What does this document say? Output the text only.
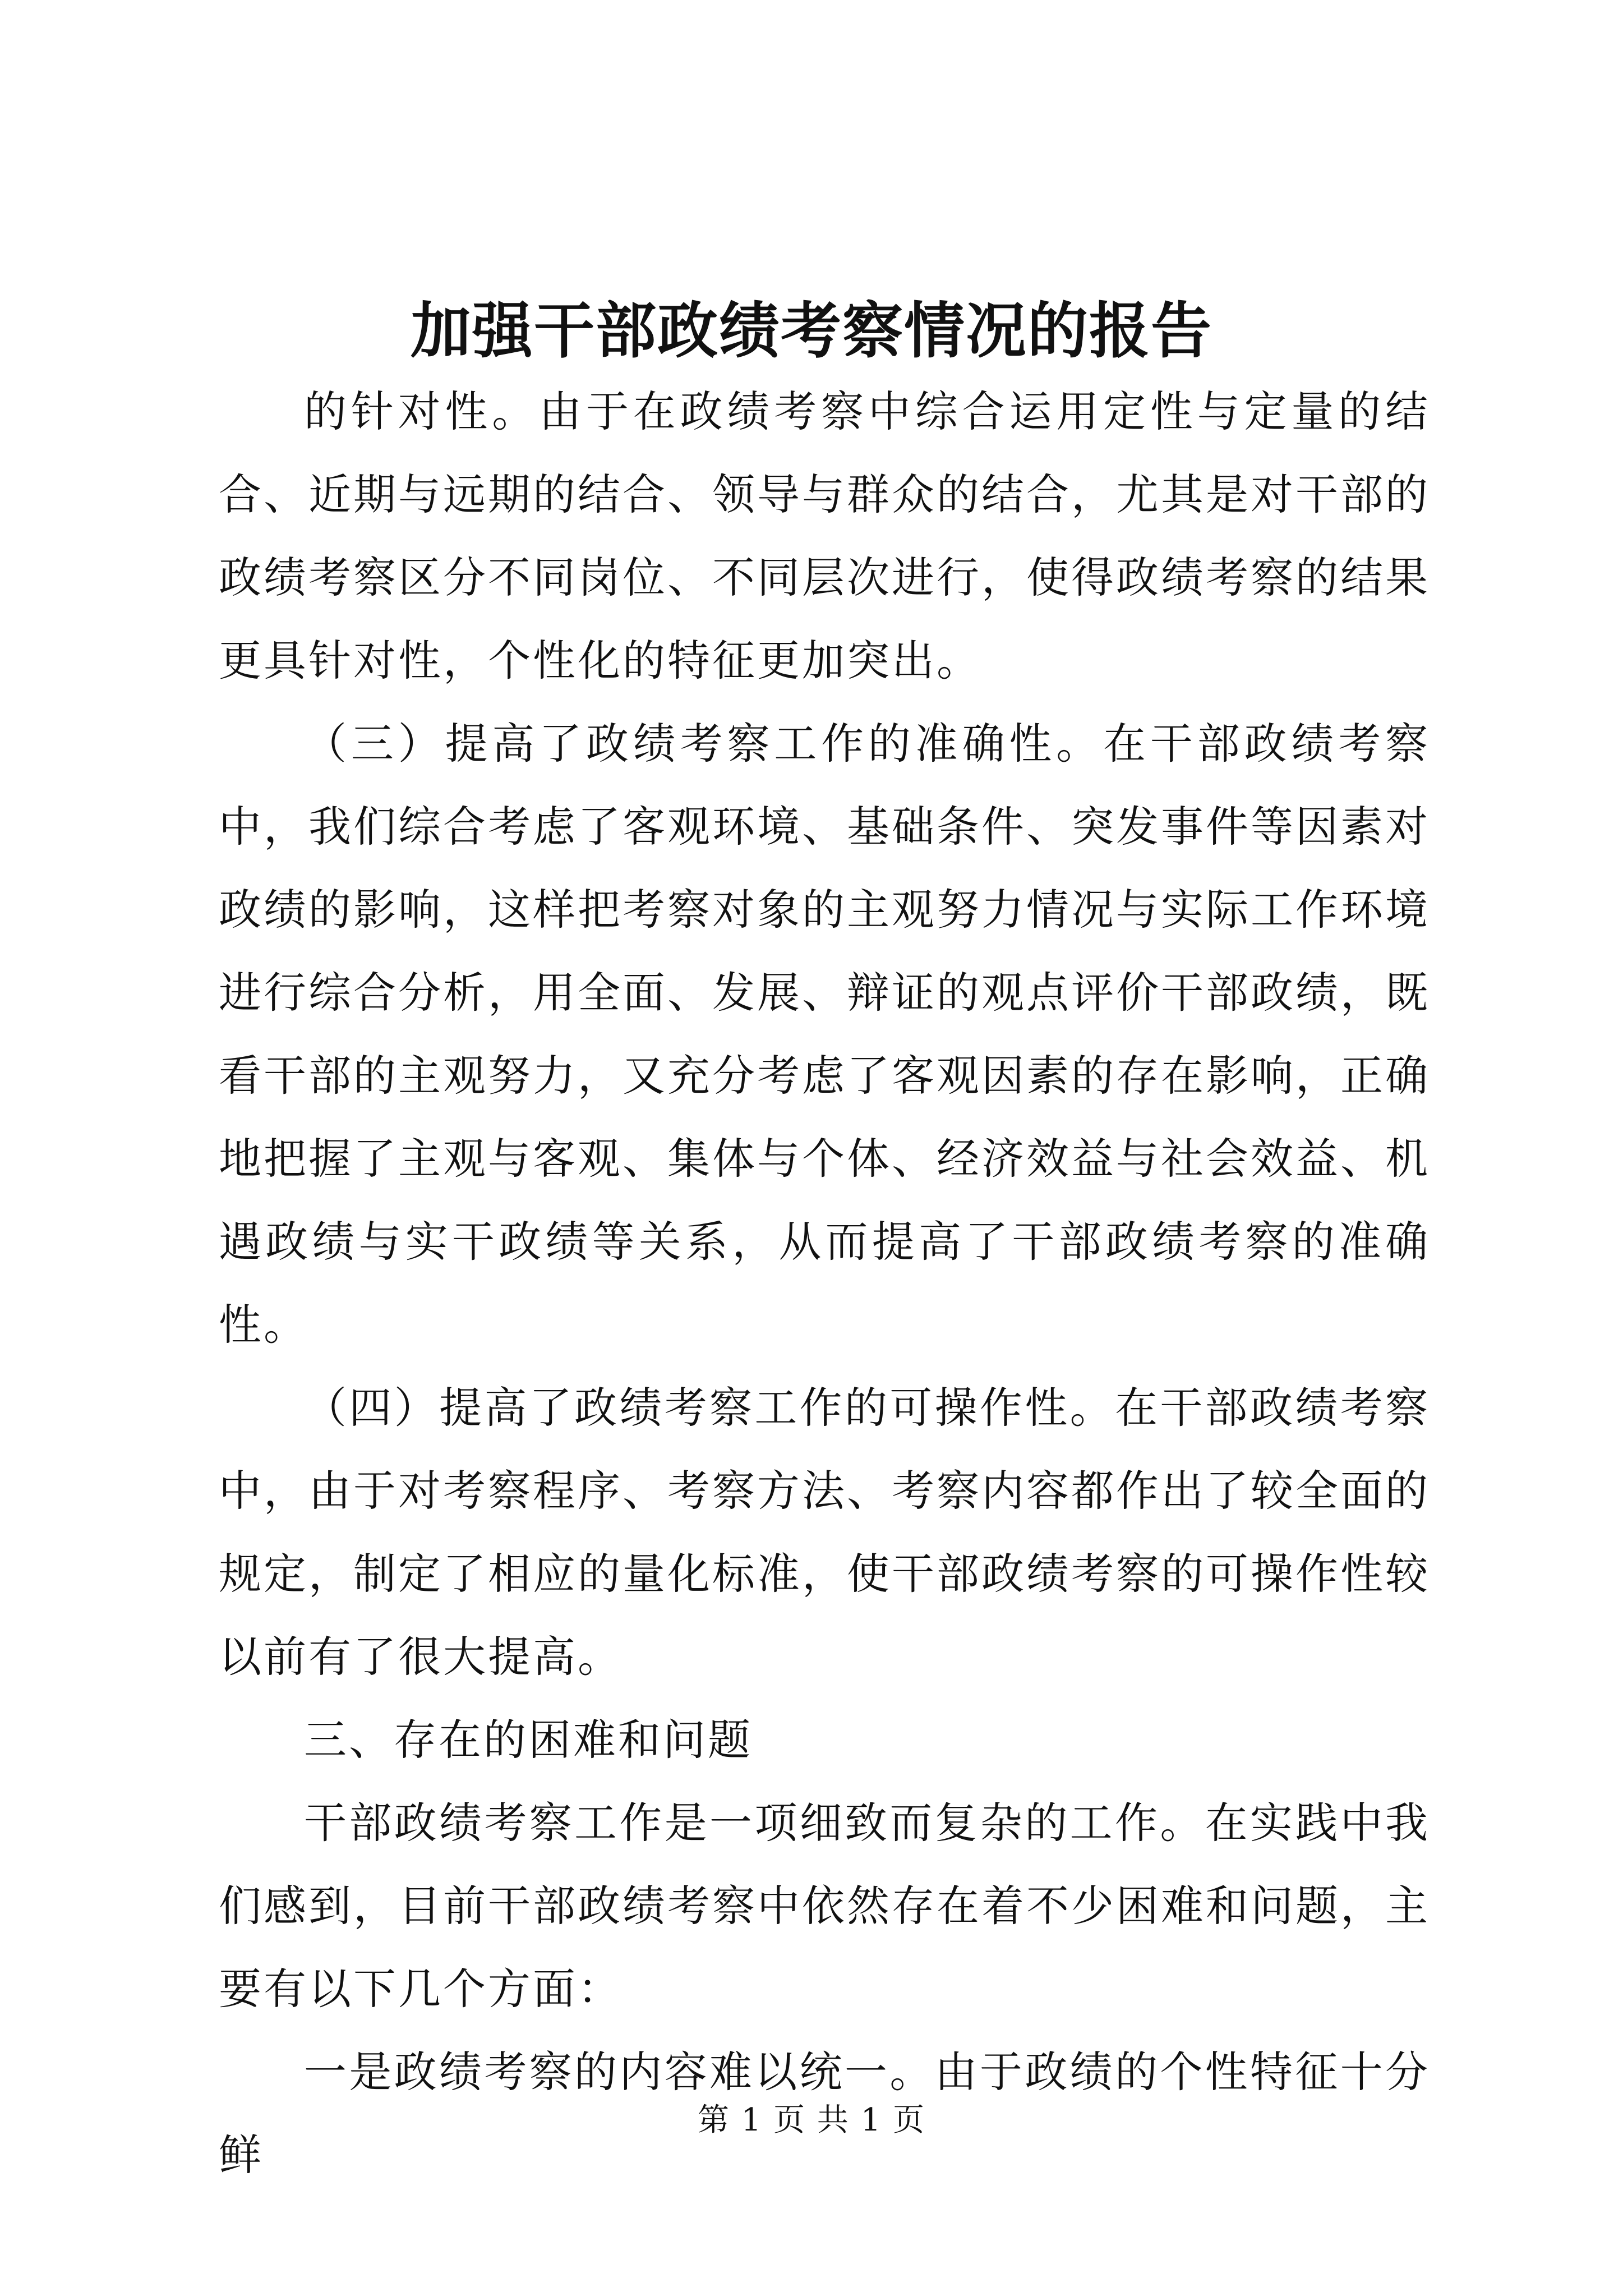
加强干部政绩考察情况的报告

的针对性。由于在政绩考察中综合运用定性与定量的结合、近期与远期的结合、领导与群众的结合，尤其是对干部的政绩考察区分不同岗位、不同层次进行，使得政绩考察的结果更具针对性，个性化的特征更加突出。

（三）提高了政绩考察工作的准确性。在干部政绩考察中，我们综合考虑了客观环境、基础条件、突发事件等因素对政绩的影响，这样把考察对象的主观努力情况与实际工作环境进行综合分析，用全面、发展、辩证的观点评价干部政绩，既看干部的主观努力，又充分考虑了客观因素的存在影响，正确地把握了主观与客观、集体与个体、经济效益与社会效益、机遇政绩与实干政绩等关系，从而提高了干部政绩考察的准确性。

（四）提高了政绩考察工作的可操作性。在干部政绩考察中，由于对考察程序、考察方法、考察内容都作出了较全面的规定，制定了相应的量化标准，使干部政绩考察的可操作性较以前有了很大提高。

三、存在的困难和问题

干部政绩考察工作是一项细致而复杂的工作。在实践中我们感到，目前干部政绩考察中依然存在着不少困难和问题，主要有以下几个方面：

一是政绩考察的内容难以统一。由于政绩的个性特征十分鲜

第 1 页 共 1 页
